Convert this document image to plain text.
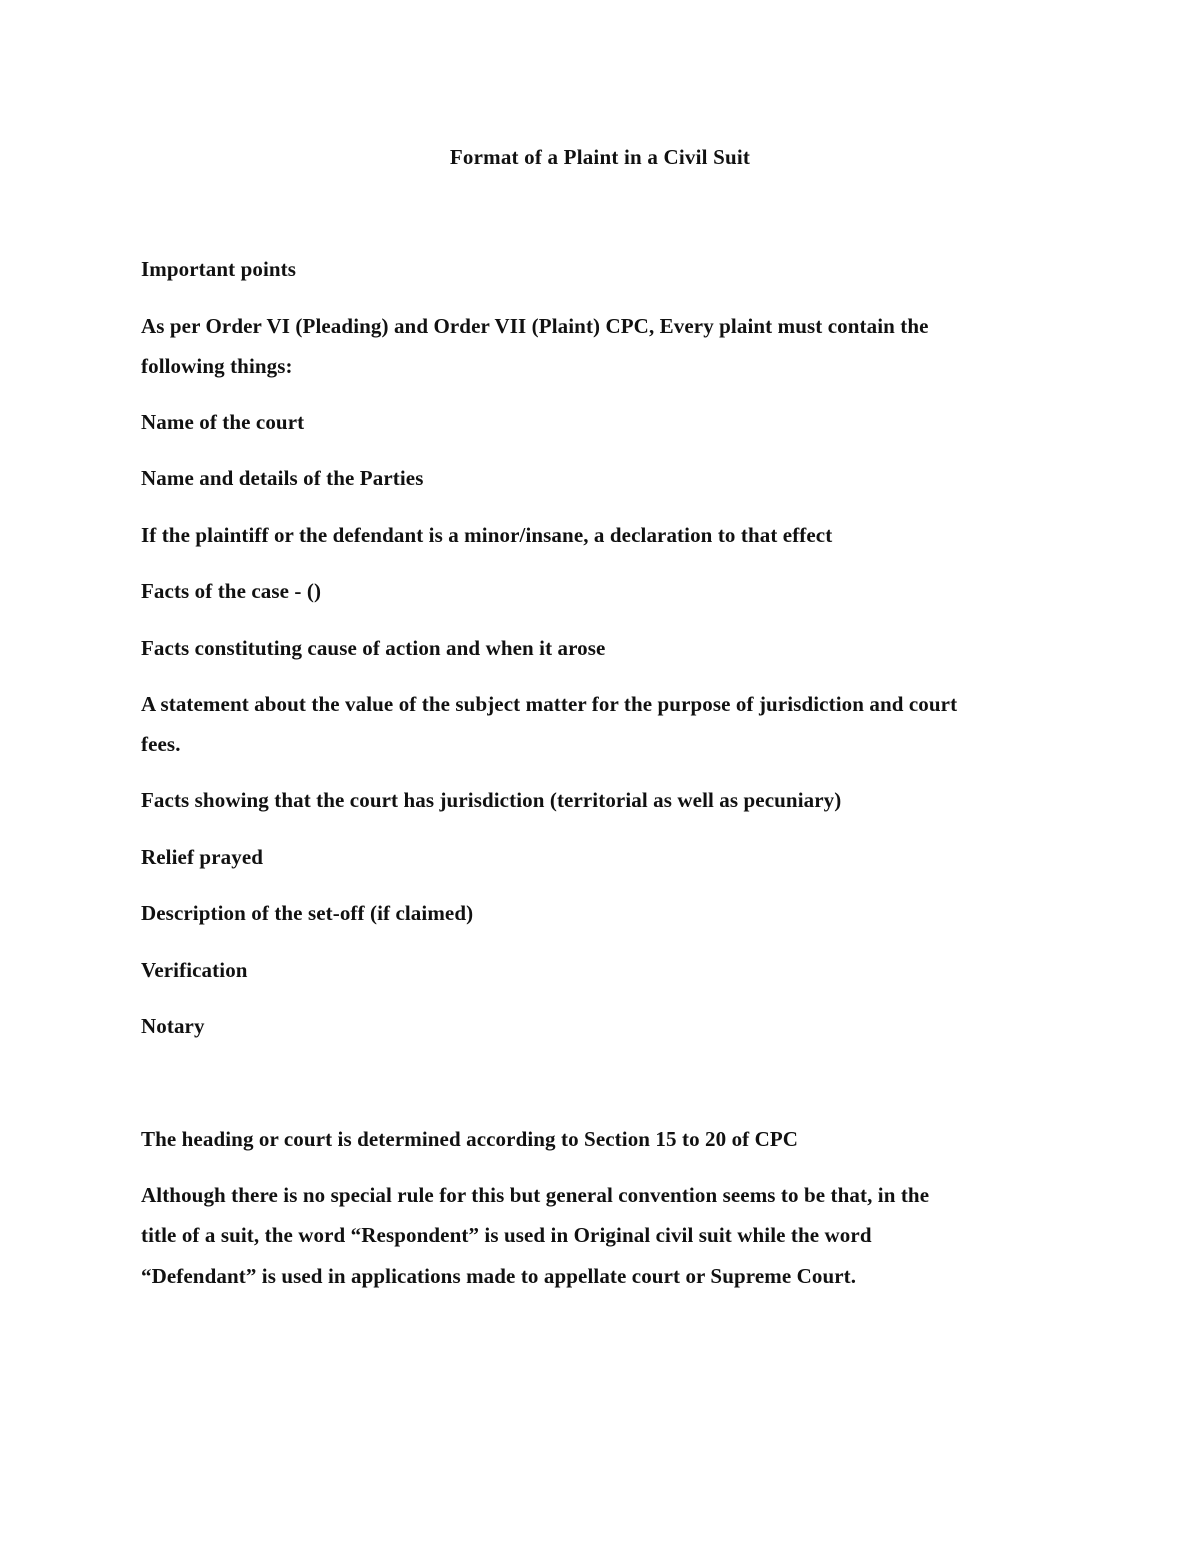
Format of a Plaint in a Civil Suit
Important points
As per Order VI (Pleading) and Order VII (Plaint) CPC, Every plaint must contain the
following things:
Name of the court
Name and details of the Parties
If the plaintiff or the defendant is a minor/insane, a declaration to that effect
Facts of the case - ()
Facts constituting cause of action and when it arose
A statement about the value of the subject matter for the purpose of jurisdiction and court
fees.
Facts showing that the court has jurisdiction (territorial as well as pecuniary)
Relief prayed
Description of the set-off (if claimed)
Verification
Notary
The heading or court is determined according to Section 15 to 20 of CPC
Although there is no special rule for this but general convention seems to be that, in the
title of a suit, the word “Respondent” is used in Original civil suit while the word
“Defendant” is used in applications made to appellate court or Supreme Court.
